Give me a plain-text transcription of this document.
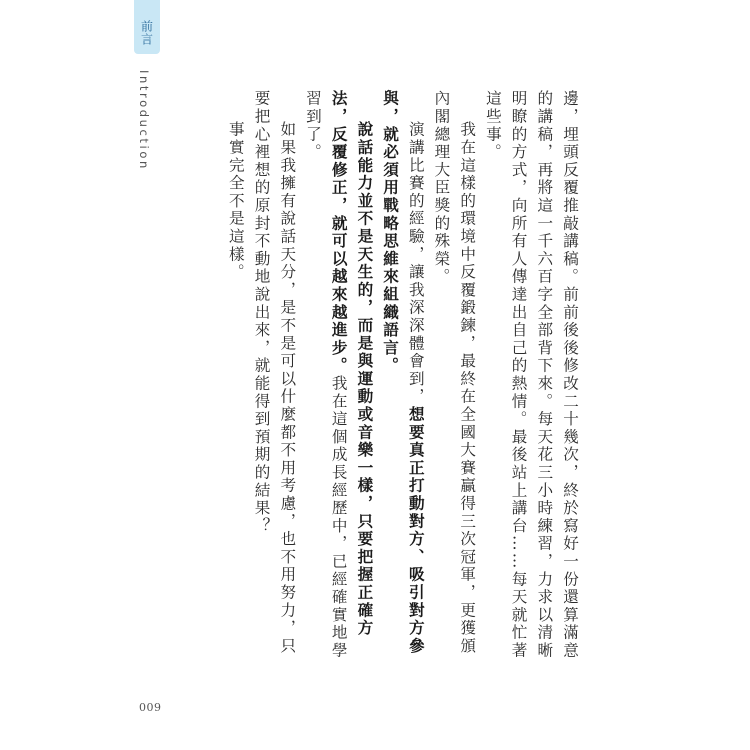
前言
Introduction	邊，埋頭反覆推敲講稿。前前後後修改二十幾次，終於寫好一份還算滿意的講稿，再將這一千六百字全部背下來。每天花三小時練習，力求以清晰明瞭的方式，向所有人傳達出自己的熱情。最後站上講台……每天就忙著這些事。

我在這樣的環境中反覆鍛鍊，最終在全國大賽贏得三次冠軍，更獲頒內閣總理大臣獎的殊榮。

演講比賽的經驗，讓我深深體會到，想要真正打動對方、吸引對方參與，就必須用戰略思維來組織語言。

說話能力並不是天生的，而是與運動或音樂一樣，只要把握正確方法，反覆修正，就可以越來越進步。我在這個成長經歷中，已經確實地學習到了。

如果我擁有說話天分，是不是可以什麼都不用考慮，也不用努力，只要把心裡想的原封不動地說出來，就能得到預期的結果？

事實完全不是這樣。

009
